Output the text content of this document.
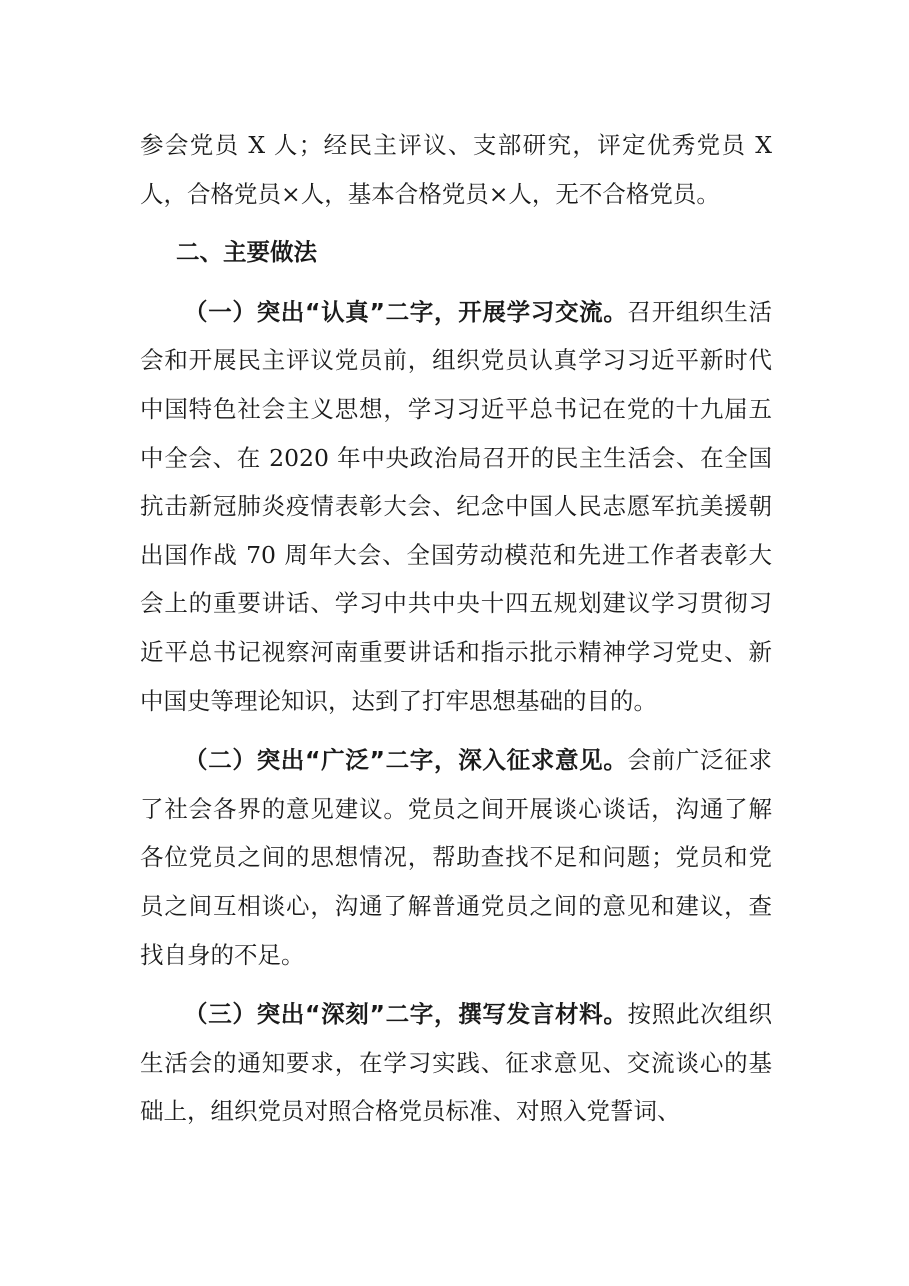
参会党员 X 人；经民主评议、支部研究，评定优秀党员 X 人，合格党员×人，基本合格党员×人，无不合格党员。

二、主要做法

（一）突出“认真”二字，开展学习交流。召开组织生活会和开展民主评议党员前，组织党员认真学习习近平新时代中国特色社会主义思想，学习习近平总书记在党的十九届五中全会、在 2020 年中央政治局召开的民主生活会、在全国抗击新冠肺炎疫情表彰大会、纪念中国人民志愿军抗美援朝出国作战 70 周年大会、全国劳动模范和先进工作者表彰大会上的重要讲话、学习中共中央十四五规划建议学习贯彻习近平总书记视察河南重要讲话和指示批示精神学习党史、新中国史等理论知识，达到了打牢思想基础的目的。

（二）突出“广泛”二字，深入征求意见。会前广泛征求了社会各界的意见建议。党员之间开展谈心谈话，沟通了解各位党员之间的思想情况，帮助查找不足和问题；党员和党员之间互相谈心，沟通了解普通党员之间的意见和建议，查找自身的不足。

（三）突出“深刻”二字，撰写发言材料。按照此次组织生活会的通知要求，在学习实践、征求意见、交流谈心的基础上，组织党员对照合格党员标准、对照入党誓词、
